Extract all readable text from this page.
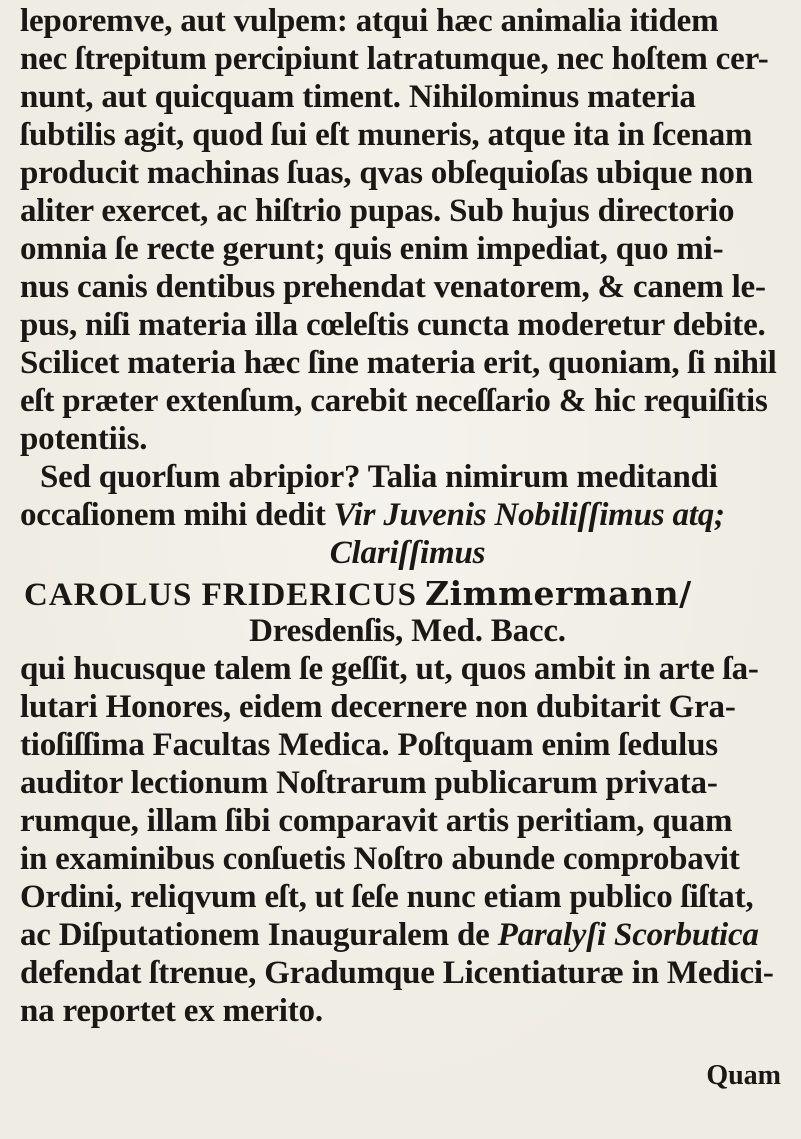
leporemve, aut vulpem: atqui hæc animalia itidem
nec ſtrepitum percipiunt latratumque, nec hoſtem cer-
nunt, aut quicquam timent. Nihilominus materia
ſubtilis agit, quod ſui eſt muneris, atque ita in ſcenam
producit machinas ſuas, qvas obſequioſas ubique non
aliter exercet, ac hiſtrio pupas. Sub hujus directorio
omnia ſe recte gerunt; quis enim impediat, quo mi-
nus canis dentibus prehendat venatorem, & canem le-
pus, niſi materia illa cœleſtis cuncta moderetur debite.
Scilicet materia hæc ſine materia erit, quoniam, ſi nihil
eſt præter extenſum, carebit neceſſario & hic requiſitis
potentiis.
Sed quorſum abripior? Talia nimirum meditandi
occaſionem mihi dedit Vir Juvenis Nobiliſſimus atq;
Clariſſimus
CAROLUS FRIDERICUS Zimmermann/
Dresdenſis, Med. Bacc.
qui hucusque talem ſe geſſit, ut, quos ambit in arte ſa-
lutari Honores, eidem decernere non dubitarit Gra-
tioſiſſima Facultas Medica. Poſtquam enim ſedulus
auditor lectionum Noſtrarum publicarum privata-
rumque, illam ſibi comparavit artis peritiam, quam
in examinibus conſuetis Noſtro abunde comprobavit
Ordini, reliqvum eſt, ut ſeſe nunc etiam publico ſiſtat,
ac Diſputationem Inauguralem de Paralyſi Scorbutica
defendat ſtrenue, Gradumque Licentiaturæ in Medici-
na reportet ex merito.
Quam
